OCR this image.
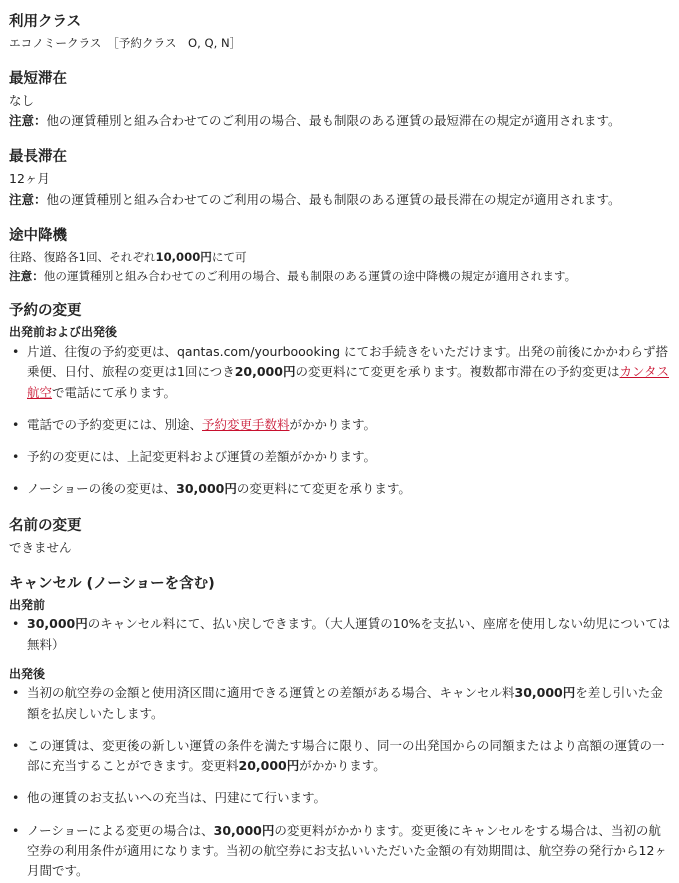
利用クラス
エコノミークラス　［予約クラス　O, Q, N］
最短滞在
なし
注意：他の運賃種別と組み合わせてのご利用の場合、最も制限のある運賃の最短滞在の規定が適用されます。
最長滞在
12ヶ月
注意：他の運賃種別と組み合わせてのご利用の場合、最も制限のある運賃の最長滞在の規定が適用されます。
途中降機
往路、復路各1回、それぞれ10,000円にて可
注意：他の運賃種別と組み合わせてのご利用の場合、最も制限のある運賃の途中降機の規定が適用されます。
予約の変更
出発前および出発後
• 片道、往復の予約変更は、qantas.com/yourboooking にてお手続きをいただけます。出発の前後にかかわらず搭乗便、日付、旅程の変更は1回につき20,000円の変更料にて変更を承ります。複数都市滞在の予約変更はカンタス航空で電話にて承ります。
• 電話での予約変更には、別途、予約変更手数料がかかります。
• 予約の変更には、上記変更料および運賃の差額がかかります。
• ノーショーの後の変更は、30,000円の変更料にて変更を承ります。
名前の変更
できません
キャンセル (ノーショーを含む)
出発前
• 30,000円のキャンセル料にて、払い戻しできます。（大人運賃の10%を支払い、座席を使用しない幼児については無料）
出発後
• 当初の航空券の金額と使用済区間に適用できる運賃との差額がある場合、キャンセル料30,000円を差し引いた金額を払戻しいたします。
• この運賃は、変更後の新しい運賃の条件を満たす場合に限り、同一の出発国からの同額またはより高額の運賃の一部に充当することができます。変更料20,000円がかかります。
• 他の運賃のお支払いへの充当は、円建にて行います。
• ノーショーによる変更の場合は、30,000円の変更料がかかります。変更後にキャンセルをする場合は、当初の航空券の利用条件が適用になります。当初の航空券にお支払いいただいた金額の有効期間は、航空券の発行から12ヶ月間です。
